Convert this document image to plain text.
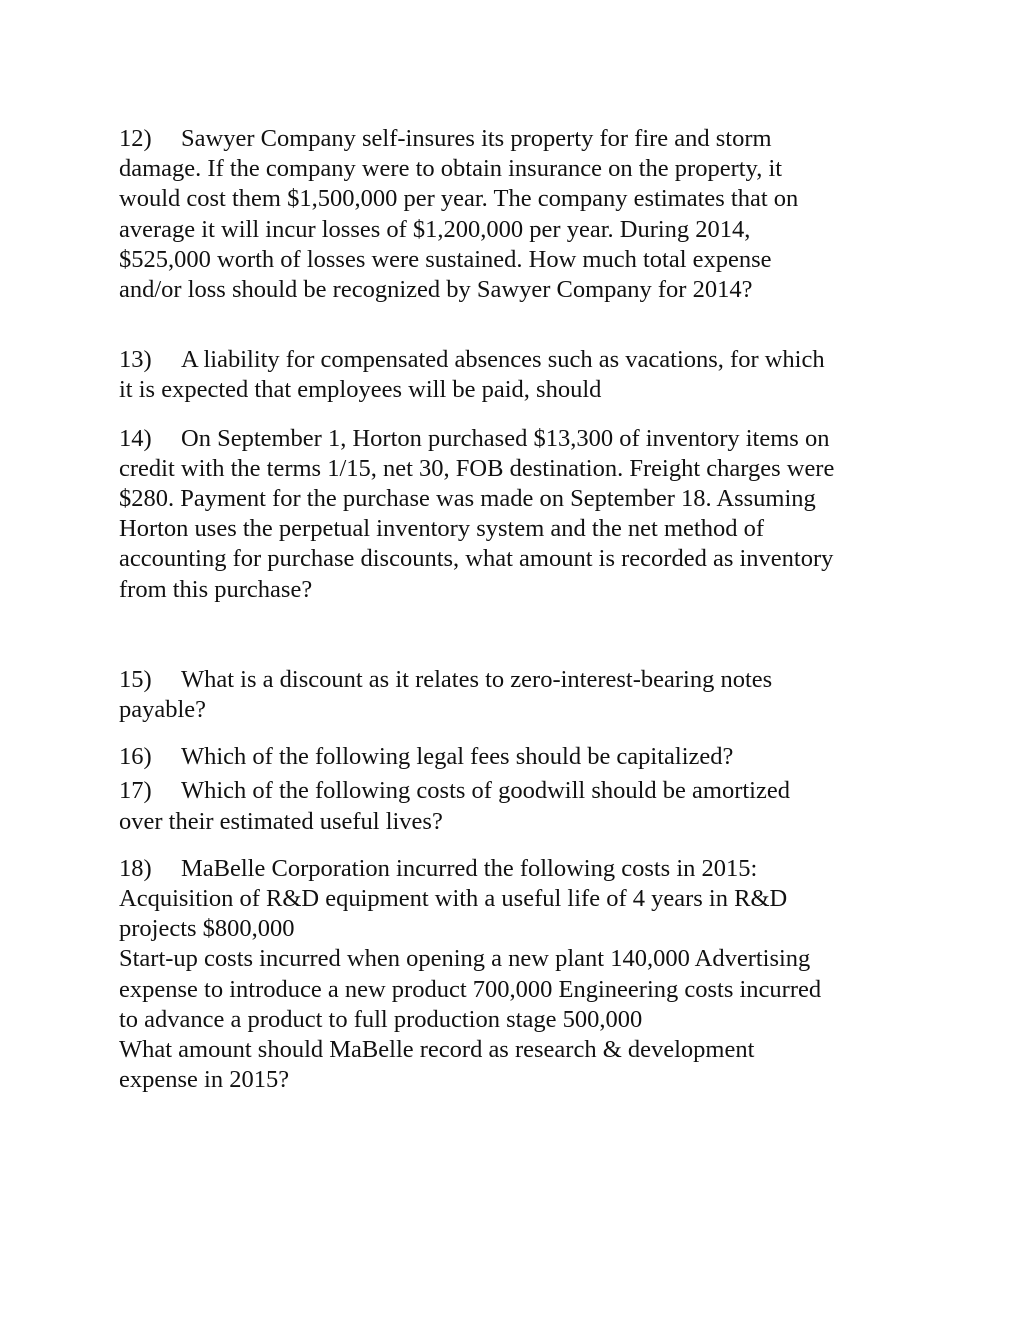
12) Sawyer Company self-insures its property for fire and storm
damage. If the company were to obtain insurance on the property, it
would cost them $1,500,000 per year. The company estimates that on
average it will incur losses of $1,200,000 per year. During 2014,
$525,000 worth of losses were sustained. How much total expense
and/or loss should be recognized by Sawyer Company for 2014?
13) A liability for compensated absences such as vacations, for which
it is expected that employees will be paid, should
14) On September 1, Horton purchased $13,300 of inventory items on
credit with the terms 1/15, net 30, FOB destination. Freight charges were
$280. Payment for the purchase was made on September 18. Assuming
Horton uses the perpetual inventory system and the net method of
accounting for purchase discounts, what amount is recorded as inventory
from this purchase?
15) What is a discount as it relates to zero-interest-bearing notes
payable?
16) Which of the following legal fees should be capitalized?
17) Which of the following costs of goodwill should be amortized
over their estimated useful lives?
18) MaBelle Corporation incurred the following costs in 2015:
Acquisition of R&D equipment with a useful life of 4 years in R&D
projects $800,000
Start-up costs incurred when opening a new plant 140,000 Advertising
expense to introduce a new product 700,000 Engineering costs incurred
to advance a product to full production stage 500,000
What amount should MaBelle record as research & development
expense in 2015?
